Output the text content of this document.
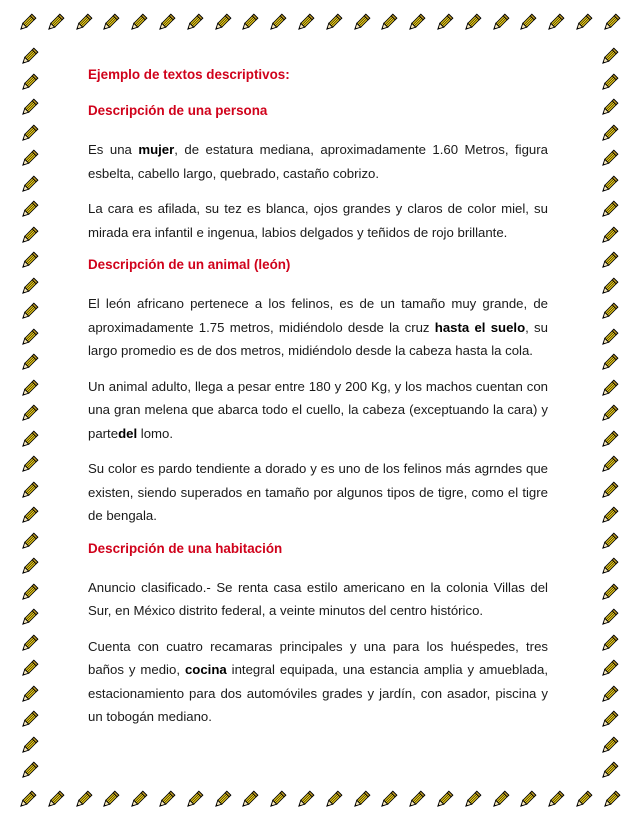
Ejemplo de textos descriptivos:

Descripción de una persona

Es una mujer, de estatura mediana, aproximadamente 1.60 Metros, figura esbelta, cabello largo, quebrado, castaño cobrizo.

La cara es afilada, su tez es blanca, ojos grandes y claros de color miel, su mirada era infantil e ingenua, labios delgados y teñidos de rojo brillante.

Descripción de un animal (león)

El león africano pertenece a los felinos, es de un tamaño muy grande, de aproximadamente 1.75 metros, midiéndolo desde la cruz hasta el suelo, su largo promedio es de dos metros, midiéndolo desde la cabeza hasta la cola.

Un animal adulto, llega a pesar entre 180 y 200 Kg, y los machos cuentan con una gran melena que abarca todo el cuello, la cabeza (exceptuando la cara) y partedel lomo.

Su color es pardo tendiente a dorado y es uno de los felinos más agrndes que existen, siendo superados en tamaño por algunos tipos de tigre, como el tigre de bengala.

Descripción de una habitación

Anuncio clasificado.- Se renta casa estilo americano en la colonia Villas del Sur, en México distrito federal, a veinte minutos del centro histórico.

Cuenta con cuatro recamaras principales y una para los huéspedes, tres baños y medio, cocina integral equipada, una estancia amplia y amueblada, estacionamiento para dos automóviles grades y jardín, con asador, piscina y un tobogán mediano.
